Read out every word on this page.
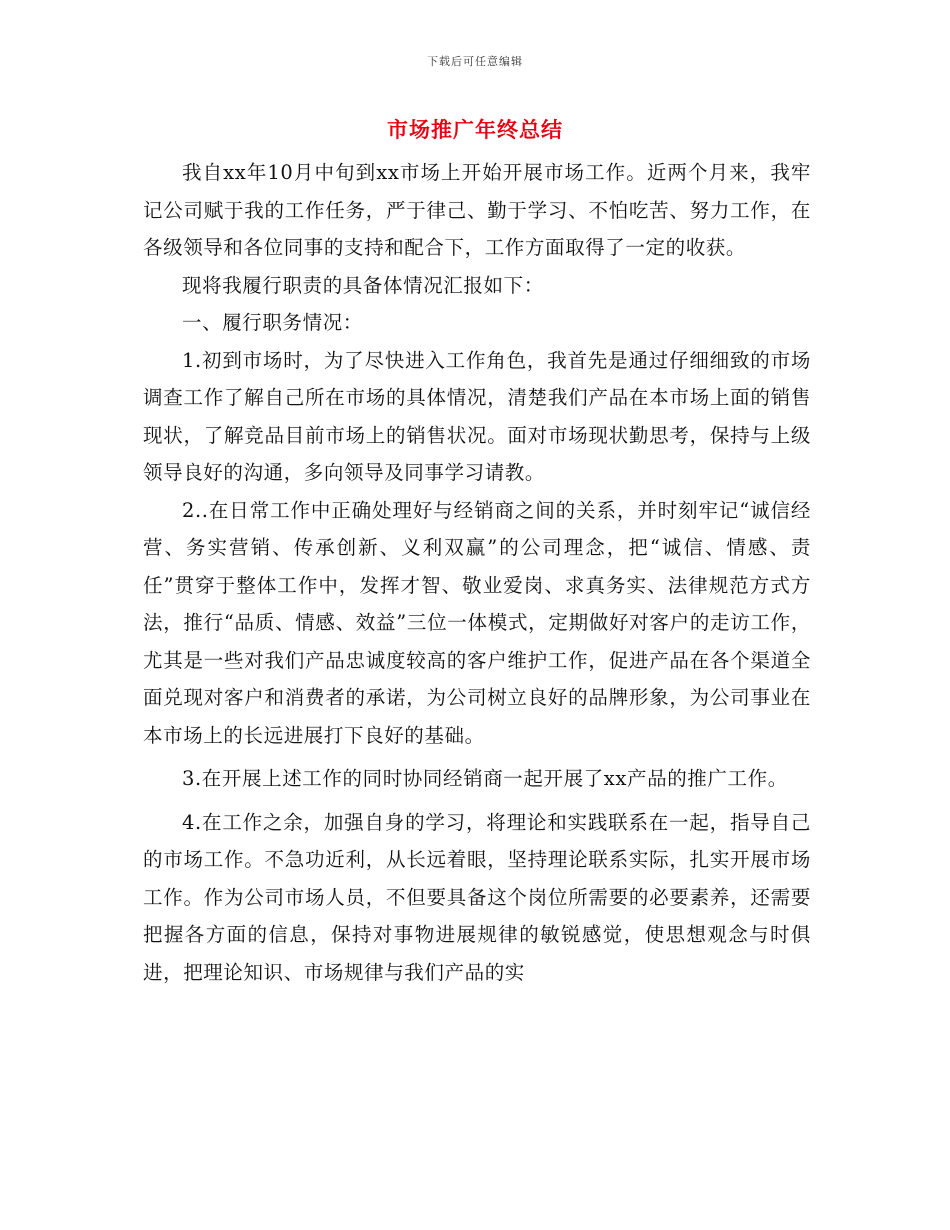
下载后可任意编辑
市场推广年终总结

我自xx年10月中旬到xx市场上开始开展市场工作。近两个月来，我牢记公司赋于我的工作任务，严于律己、勤于学习、不怕吃苦、努力工作，在各级领导和各位同事的支持和配合下，工作方面取得了一定的收获。

现将我履行职责的具备体情况汇报如下：

一、履行职务情况：

1.初到市场时，为了尽快进入工作角色，我首先是通过仔细细致的市场调查工作了解自己所在市场的具体情况，清楚我们产品在本市场上面的销售现状，了解竞品目前市场上的销售状况。面对市场现状勤思考，保持与上级领导良好的沟通，多向领导及同事学习请教。

2..在日常工作中正确处理好与经销商之间的关系，并时刻牢记“诚信经营、务实营销、传承创新、义利双赢”的公司理念，把“诚信、情感、责任”贯穿于整体工作中，发挥才智、敬业爱岗、求真务实、法律规范方式方法，推行“品质、情感、效益”三位一体模式，定期做好对客户的走访工作，尤其是一些对我们产品忠诚度较高的客户维护工作，促进产品在各个渠道全面兑现对客户和消费者的承诺，为公司树立良好的品牌形象，为公司事业在本市场上的长远进展打下良好的基础。

3.在开展上述工作的同时协同经销商一起开展了xx产品的推广工作。

4.在工作之余，加强自身的学习，将理论和实践联系在一起，指导自己的市场工作。不急功近利，从长远着眼，坚持理论联系实际，扎实开展市场工作。作为公司市场人员，不但要具备这个岗位所需要的必要素养，还需要把握各方面的信息，保持对事物进展规律的敏锐感觉，使思想观念与时俱进，把理论知识、市场规律与我们产品的实
